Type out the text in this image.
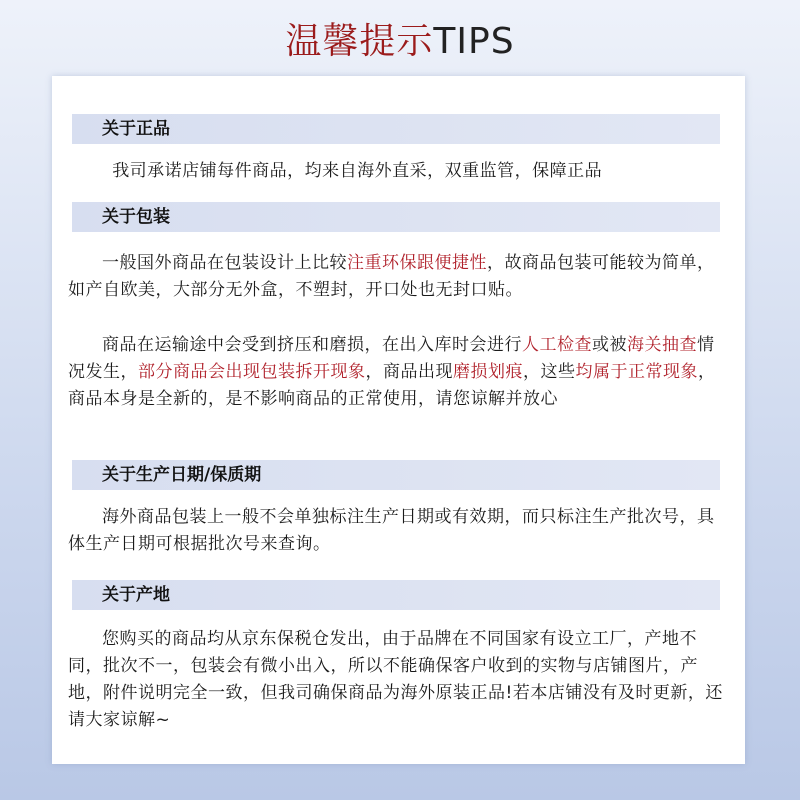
温馨提示TIPS
关于正品
我司承诺店铺每件商品，均来自海外直采，双重监管，保障正品
关于包装
一般国外商品在包装设计上比较注重环保跟便捷性，故商品包装可能较为简单，如产自欧美，大部分无外盒，不塑封，开口处也无封口贴。
商品在运输途中会受到挤压和磨损，在出入库时会进行人工检查或被海关抽查情况发生，部分商品会出现包装拆开现象，商品出现磨损划痕，这些均属于正常现象，商品本身是全新的，是不影响商品的正常使用，请您谅解并放心
关于生产日期/保质期
海外商品包装上一般不会单独标注生产日期或有效期，而只标注生产批次号，具体生产日期可根据批次号来查询。
关于产地
您购买的商品均从京东保税仓发出，由于品牌在不同国家有设立工厂，产地不同，批次不一，包装会有微小出入，所以不能确保客户收到的实物与店铺图片，产地，附件说明完全一致，但我司确保商品为海外原装正品!若本店铺没有及时更新，还请大家谅解~
